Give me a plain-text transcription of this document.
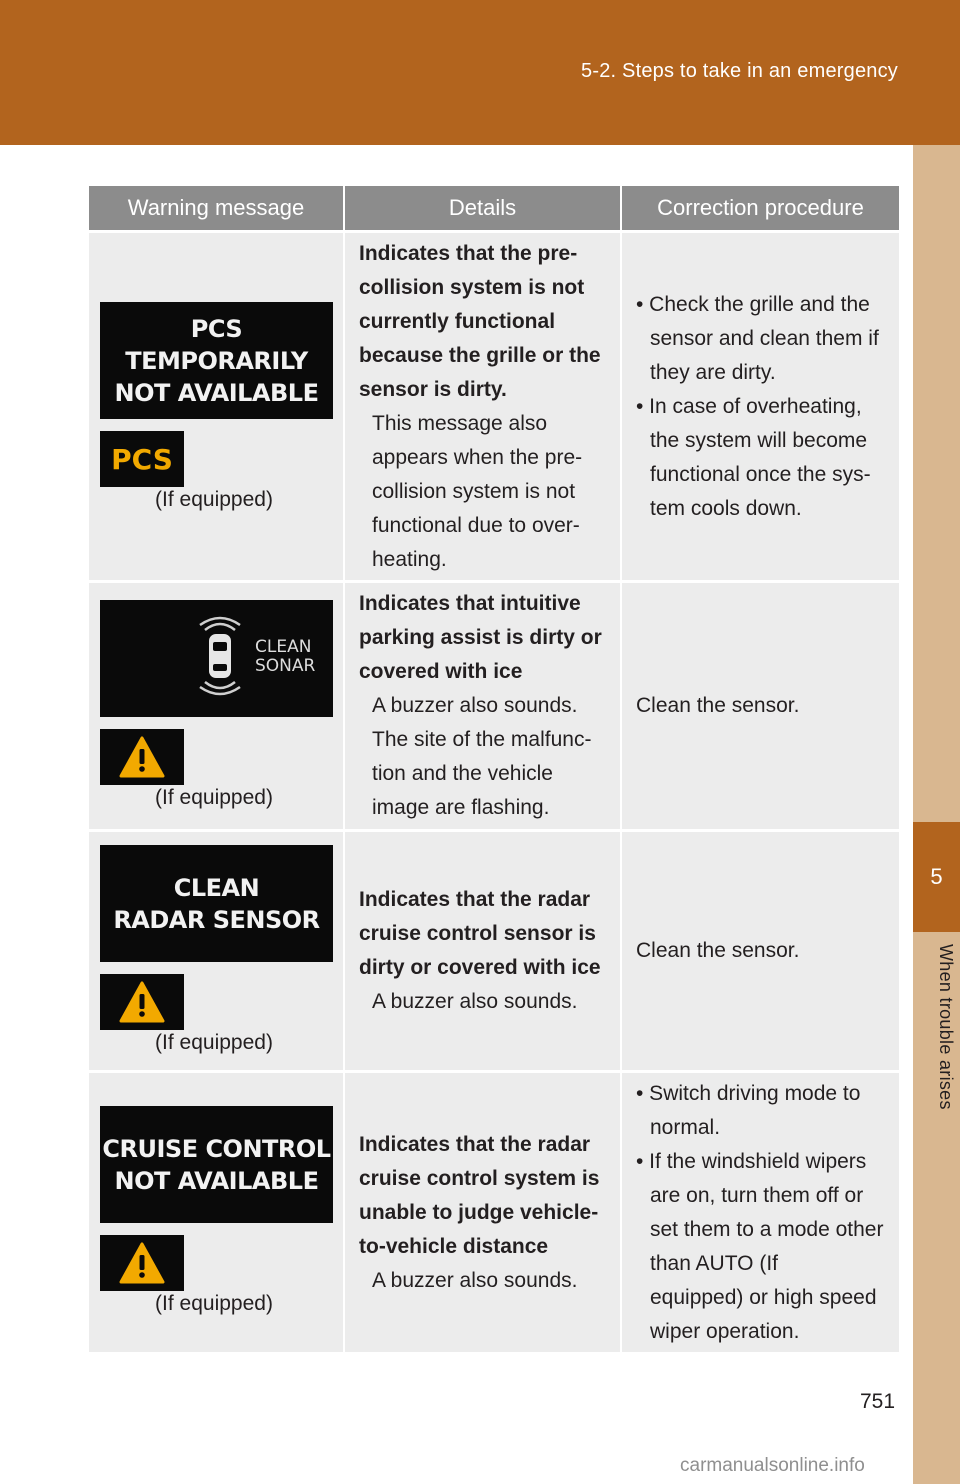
5-2. Steps to take in an emergency
5
When trouble arises
Warning message	Details	Correction procedure
PCS TEMPORARILY
NOT AVAILABLE
PCS
(If equipped)
Indicates that the pre-
collision system is not
currently functional
because the grille or the
sensor is dirty.
This message also
appears when the pre-
collision system is not
functional due to over-
heating.
• Check the grille and the
sensor and clean them if
they are dirty.
• In case of overheating,
the system will become
functional once the sys-
tem cools down.
CLEAN
SONAR
(If equipped)
Indicates that intuitive
parking assist is dirty or
covered with ice
A buzzer also sounds.
The site of the malfunc-
tion and the vehicle
image are flashing.
Clean the sensor.
CLEAN
RADAR SENSOR
(If equipped)
Indicates that the radar
cruise control sensor is
dirty or covered with ice
A buzzer also sounds.
Clean the sensor.
CRUISE CONTROL
NOT AVAILABLE
(If equipped)
Indicates that the radar
cruise control system is
unable to judge vehicle-
to-vehicle distance
A buzzer also sounds.
• Switch driving mode to
normal.
• If the windshield wipers
are on, turn them off or
set them to a mode other
than AUTO (If
equipped) or high speed
wiper operation.
751
carmanualsonline.info
